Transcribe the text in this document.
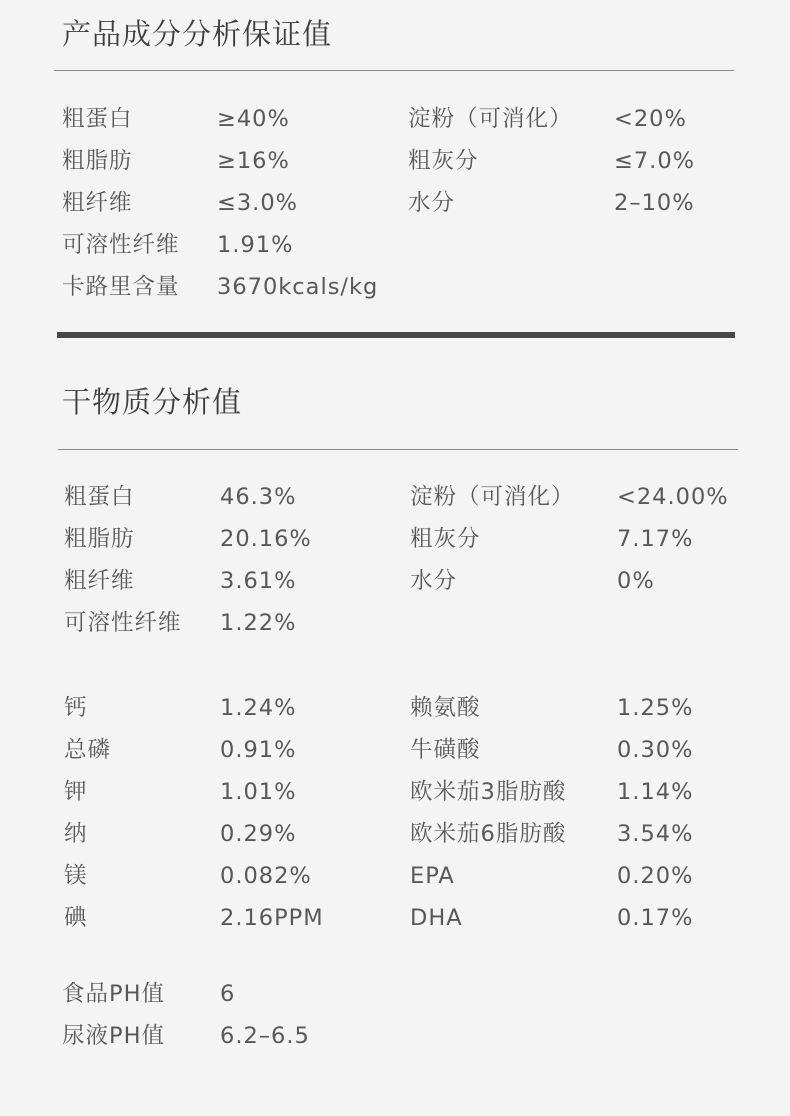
产品成分分析保证值
粗蛋白	≥40%	淀粉（可消化） <20%
粗脂肪	≥16%	粗灰分	≤7.0%
粗纤维	≤3.0%	水分	2–10%
可溶性纤维 1.91%
卡路里含量 3670kcals/kg
干物质分析值
粗蛋白	46.3%	淀粉（可消化） <24.00%
粗脂肪	20.16%	粗灰分	7.17%
粗纤维	3.61%	水分	0%
可溶性纤维 1.22%
钙	1.24%	赖氨酸	1.25%
总磷	0.91%	牛磺酸	0.30%
钾	1.01%	欧米茄3脂肪酸 1.14%
纳	0.29%	欧米茄6脂肪酸 3.54%
镁	0.082%	EPA	0.20%
碘	2.16PPM	DHA	0.17%
食品PH值 6
尿液PH值 6.2–6.5
